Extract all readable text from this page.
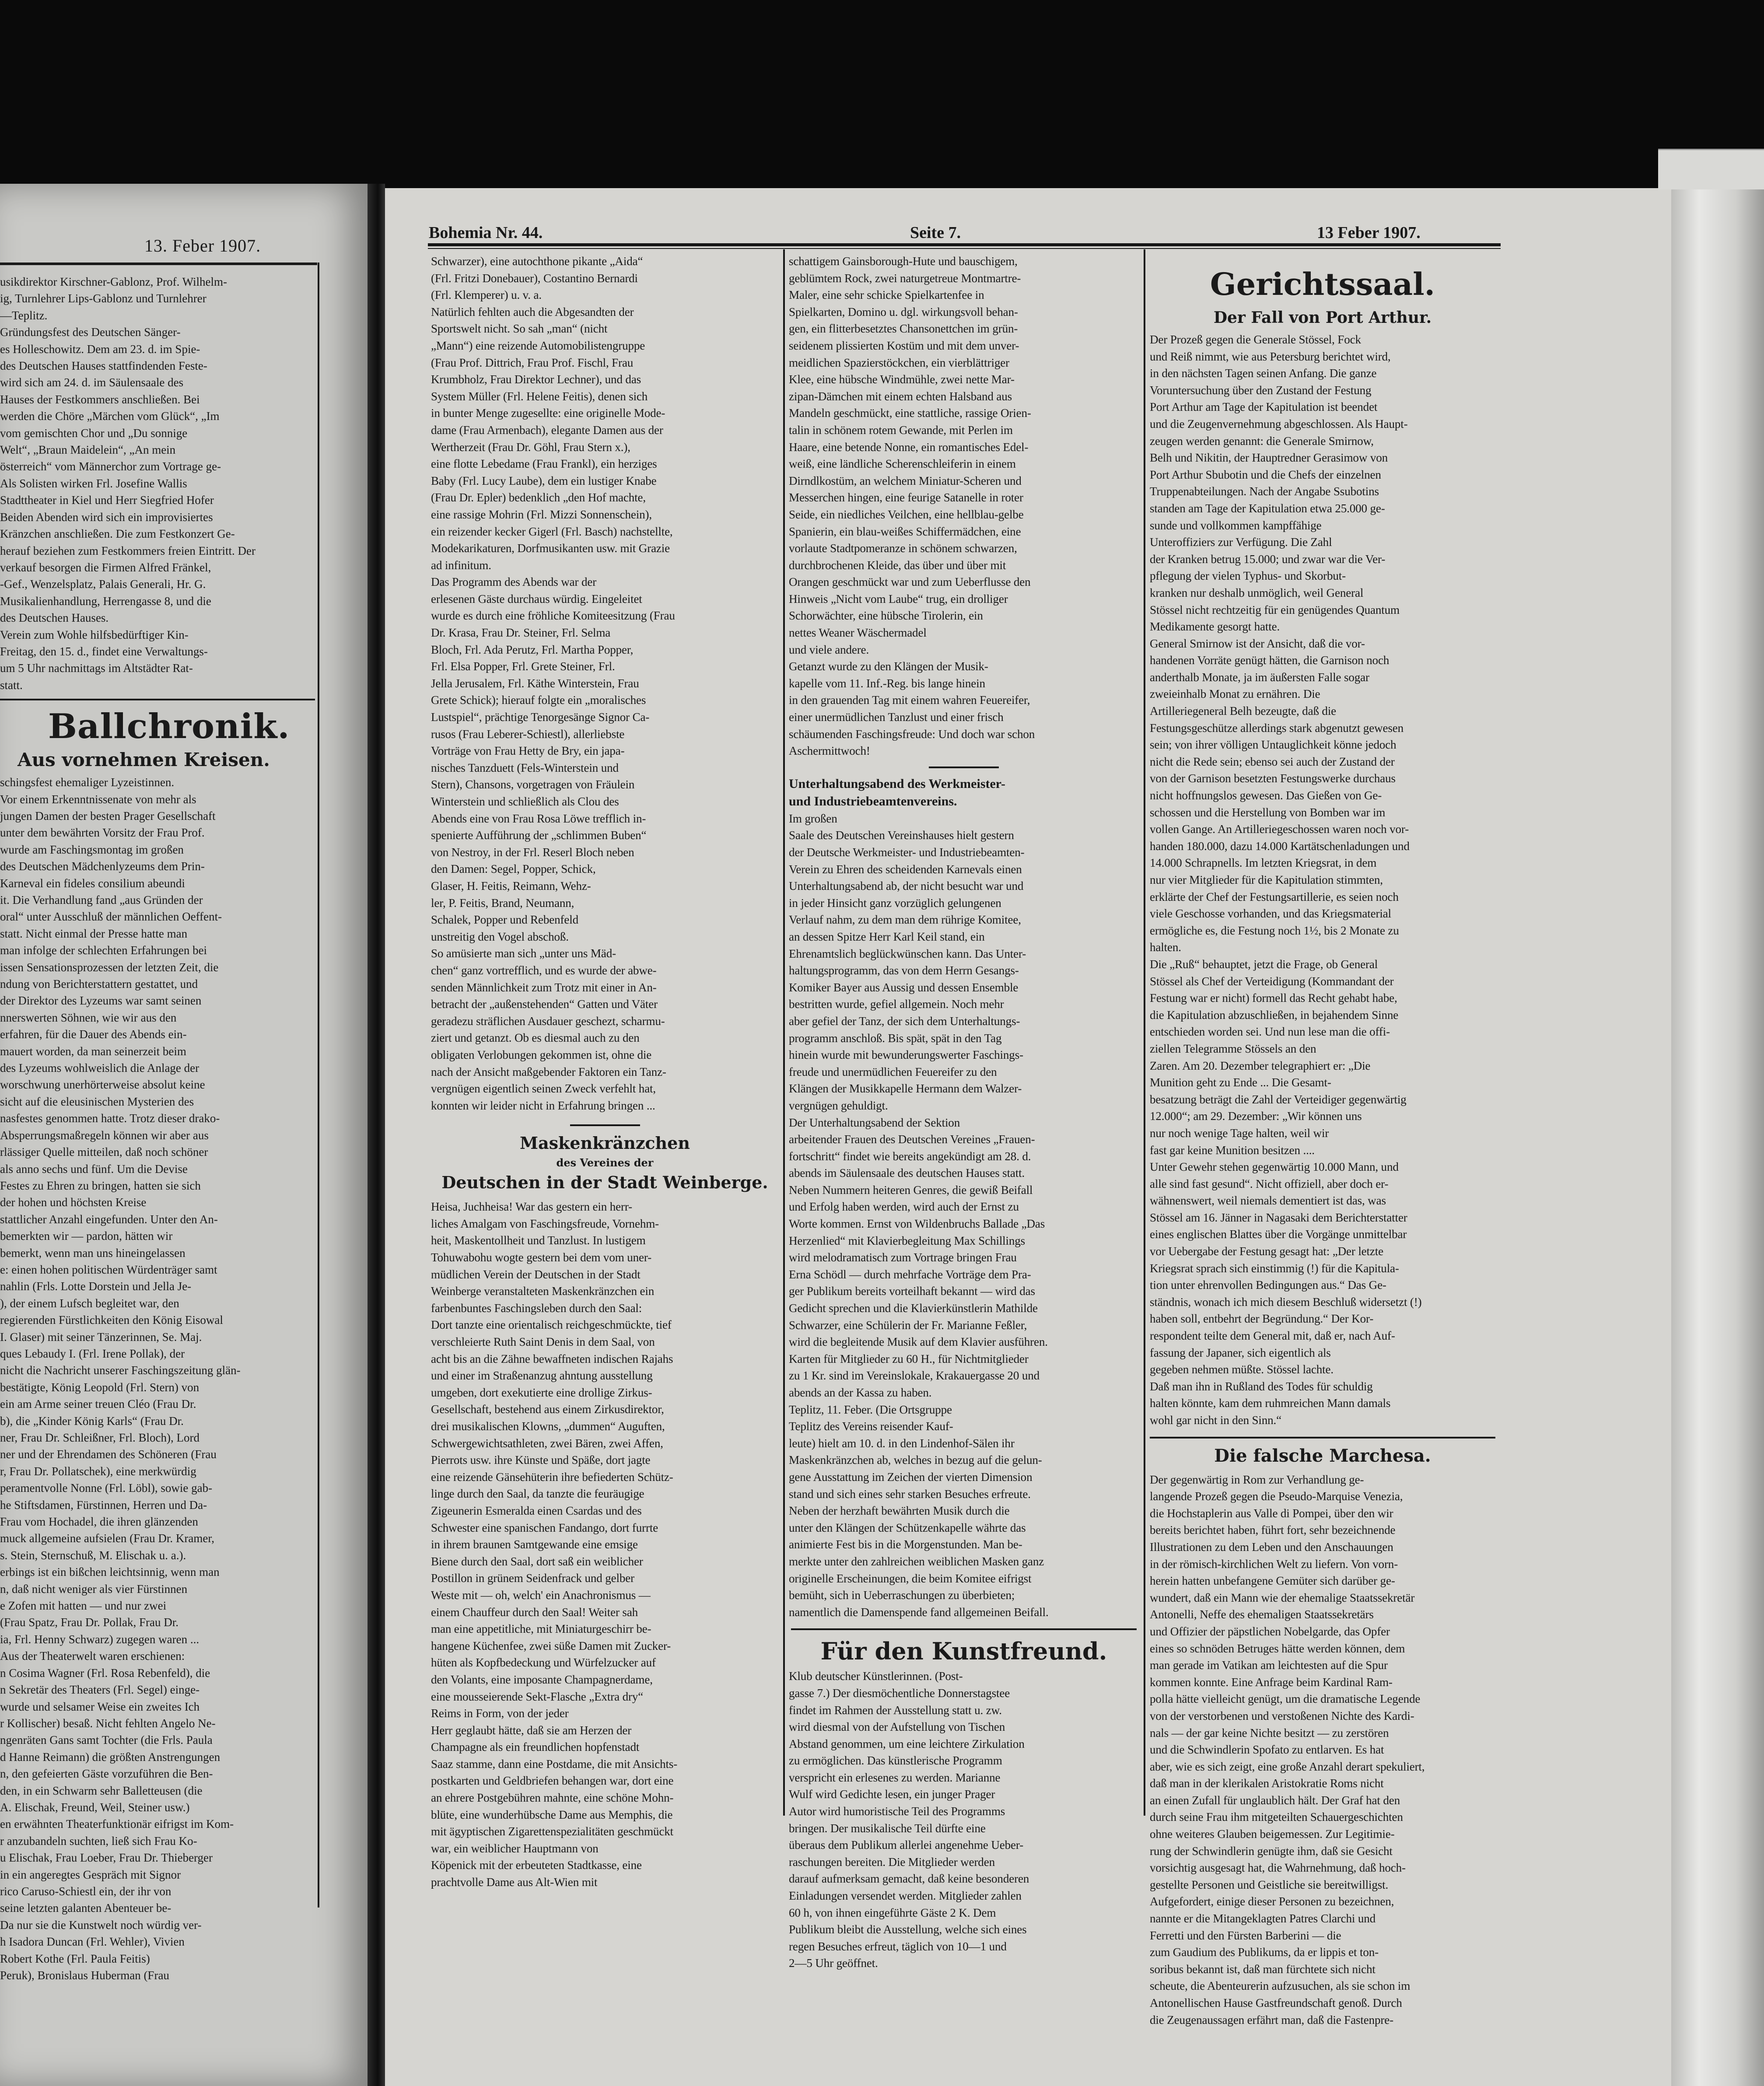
13. Feber 1907.
usikdirektor Kirschner-Gablonz, Prof. Wilhelm-
ig, Turnlehrer Lips-Gablonz und Turnlehrer
—Teplitz.
Gründungsfest des Deutschen Sänger-
es Holleschowitz. Dem am 23. d. im Spie-
des Deutschen Hauses stattfindenden Feste-
wird sich am 24. d. im Säulensaale des
Hauses der Festkommers anschließen. Bei
werden die Chöre „Märchen vom Glück“, „Im
vom gemischten Chor und „Du sonnige
Welt“, „Braun Maidelein“, „An mein
österreich“ vom Männerchor zum Vortrage ge-
Als Solisten wirken Frl. Josefine Wallis
Stadttheater in Kiel und Herr Siegfried Hofer
Beiden Abenden wird sich ein improvisiertes
Kränzchen anschließen. Die zum Festkonzert Ge-
herauf beziehen zum Festkommers freien Eintritt. Der
verkauf besorgen die Firmen Alfred Fränkel,
-Gef., Wenzelsplatz, Palais Generali, Hr. G.
Musikalienhandlung, Herrengasse 8, und die
des Deutschen Hauses.
Verein zum Wohle hilfsbedürftiger Kin-
Freitag, den 15. d., findet eine Verwaltungs-
um 5 Uhr nachmittags im Altstädter Rat-
statt.
Ballchronik.
Aus vornehmen Kreisen.
schingsfest ehemaliger Lyzeistinnen.
Vor einem Erkenntnissenate von mehr als
jungen Damen der besten Prager Gesellschaft
unter dem bewährten Vorsitz der Frau Prof.
wurde am Faschingsmontag im großen
des Deutschen Mädchenlyzeums dem Prin-
Karneval ein fideles consilium abeundi
it. Die Verhandlung fand „aus Gründen der
oral“ unter Ausschluß der männlichen Oeffent-
statt. Nicht einmal der Presse hatte man
man infolge der schlechten Erfahrungen bei
issen Sensationsprozessen der letzten Zeit, die
ndung von Berichterstattern gestattet, und
der Direktor des Lyzeums war samt seinen
nnerswerten Söhnen, wie wir aus den
erfahren, für die Dauer des Abends ein-
mauert worden, da man seinerzeit beim
des Lyzeums wohlweislich die Anlage der
worschwung unerhörterweise absolut keine
sicht auf die eleusinischen Mysterien des
nasfestes genommen hatte. Trotz dieser drako-
Absperrungsmaßregeln können wir aber aus
rlässiger Quelle mitteilen, daß noch schöner
als anno sechs und fünf. Um die Devise
Festes zu Ehren zu bringen, hatten sie sich
der hohen und höchsten Kreise
stattlicher Anzahl eingefunden. Unter den An-
bemerkten wir — pardon, hätten wir
bemerkt, wenn man uns hineingelassen
e: einen hohen politischen Würdenträger samt
nahlin (Frls. Lotte Dorstein und Jella Je-
), der einem Lufsch begleitet war, den
regierenden Fürstlichkeiten den König Eisowal
I. Glaser) mit seiner Tänzerinnen, Se. Maj.
ques Lebaudy I. (Frl. Irene Pollak), der
nicht die Nachricht unserer Faschingszeitung glän-
bestätigte, König Leopold (Frl. Stern) von
ein am Arme seiner treuen Cléo (Frau Dr.
b), die „Kinder König Karls“ (Frau Dr.
ner, Frau Dr. Schleißner, Frl. Bloch), Lord
ner und der Ehrendamen des Schöneren (Frau
r, Frau Dr. Pollatschek), eine merkwürdig
peramentvolle Nonne (Frl. Löbl), sowie gab-
he Stiftsdamen, Fürstinnen, Herren und Da-
Frau vom Hochadel, die ihren glänzenden
muck allgemeine aufsielen (Frau Dr. Kramer,
s. Stein, Sternschuß, M. Elischak u. a.).
erbings ist ein bißchen leichtsinnig, wenn man
n, daß nicht weniger als vier Fürstinnen
e Zofen mit hatten — und nur zwei
(Frau Spatz, Frau Dr. Pollak, Frau Dr.
ia, Frl. Henny Schwarz) zugegen waren ...
Aus der Theaterwelt waren erschienen:
n Cosima Wagner (Frl. Rosa Rebenfeld), die
n Sekretär des Theaters (Frl. Segel) einge-
wurde und selsamer Weise ein zweites Ich
r Kollischer) besaß. Nicht fehlten Angelo Ne-
ngenräten Gans samt Tochter (die Frls. Paula
d Hanne Reimann) die größten Anstrengungen
n, den gefeierten Gäste vorzuführen die Ben-
den, in ein Schwarm sehr Balletteusen (die
A. Elischak, Freund, Weil, Steiner usw.)
en erwähnten Theaterfunktionär eifrigst im Kom-
r anzubandeln suchten, ließ sich Frau Ko-
u Elischak, Frau Loeber, Frau Dr. Thieberger
in ein angeregtes Gespräch mit Signor
rico Caruso-Schiestl ein, der ihr von
seine letzten galanten Abenteuer be-
Da nur sie die Kunstwelt noch würdig ver-
h Isadora Duncan (Frl. Wehler), Vivien
Robert Kothe (Frl. Paula Feitis)
Peruk), Bronislaus Huberman (Frau
Bohemia Nr. 44.	Seite 7.	13 Feber 1907.
Schwarzer), eine autochthone pikante „Aida“
(Frl. Fritzi Donebauer), Costantino Bernardi
(Frl. Klemperer) u. v. a.
Natürlich fehlten auch die Abgesandten der
Sportswelt nicht. So sah „man“ (nicht
„Mann“) eine reizende Automobilistengruppe
(Frau Prof. Dittrich, Frau Prof. Fischl, Frau
Krumbholz, Frau Direktor Lechner), und das
System Müller (Frl. Helene Feitis), denen sich
in bunter Menge zugesellte: eine originelle Mode-
dame (Frau Armenbach), elegante Damen aus der
Wertherzeit (Frau Dr. Göhl, Frau Stern x.),
eine flotte Lebedame (Frau Frankl), ein herziges
Baby (Frl. Lucy Laube), dem ein lustiger Knabe
(Frau Dr. Epler) bedenklich „den Hof machte,
eine rassige Mohrin (Frl. Mizzi Sonnenschein),
ein reizender kecker Gigerl (Frl. Basch) nachstellte,
Modekarikaturen, Dorfmusikanten usw. mit Grazie
ad infinitum.
Das Programm des Abends war der
erlesenen Gäste durchaus würdig. Eingeleitet
wurde es durch eine fröhliche Komiteesitzung (Frau
Dr. Krasa, Frau Dr. Steiner, Frl. Selma
Bloch, Frl. Ada Perutz, Frl. Martha Popper,
Frl. Elsa Popper, Frl. Grete Steiner, Frl.
Jella Jerusalem, Frl. Käthe Winterstein, Frau
Grete Schick); hierauf folgte ein „moralisches
Lustspiel“, prächtige Tenorgesänge Signor Ca-
rusos (Frau Leberer-Schiestl), allerliebste
Vorträge von Frau Hetty de Bry, ein japa-
nisches Tanzduett (Fels-Winterstein und
Stern), Chansons, vorgetragen von Fräulein
Winterstein und schließlich als Clou des
Abends eine von Frau Rosa Löwe trefflich in-
spenierte Aufführung der „schlimmen Buben“
von Nestroy, in der Frl. Reserl Bloch neben
den Damen: Segel, Popper, Schick,
Glaser, H. Feitis, Reimann, Wehz-
ler, P. Feitis, Brand, Neumann,
Schalek, Popper und Rebenfeld
unstreitig den Vogel abschoß.
So amüsierte man sich „unter uns Mäd-
chen“ ganz vortrefflich, und es wurde der abwe-
senden Männlichkeit zum Trotz mit einer in An-
betracht der „außenstehenden“ Gatten und Väter
geradezu sträflichen Ausdauer geschezt, scharmu-
ziert und getanzt. Ob es diesmal auch zu den
obligaten Verlobungen gekommen ist, ohne die
nach der Ansicht maßgebender Faktoren ein Tanz-
vergnügen eigentlich seinen Zweck verfehlt hat,
konnten wir leider nicht in Erfahrung bringen ...
Maskenkränzchen
des Vereines der
Deutschen in der Stadt Weinberge.
Heisa, Juchheisa! War das gestern ein herr-
liches Amalgam von Faschingsfreude, Vornehm-
heit, Maskentollheit und Tanzlust. In lustigem
Tohuwabohu wogte gestern bei dem vom uner-
müdlichen Verein der Deutschen in der Stadt
Weinberge veranstalteten Maskenkränzchen ein
farbenbuntes Faschingsleben durch den Saal:
Dort tanzte eine orientalisch reichgeschmückte, tief
verschleierte Ruth Saint Denis in dem Saal, von
acht bis an die Zähne bewaffneten indischen Rajahs
und einer im Straßenanzug ahntung ausstellung
umgeben, dort exekutierte eine drollige Zirkus-
Gesellschaft, bestehend aus einem Zirkusdirektor,
drei musikalischen Klowns, „dummen“ Auguften,
Schwergewichtsathleten, zwei Bären, zwei Affen,
Pierrots usw. ihre Künste und Späße, dort jagte
eine reizende Gänsehüterin ihre befiederten Schütz-
linge durch den Saal, da tanzte die feuräugige
Zigeunerin Esmeralda einen Csardas und des
Schwester eine spanischen Fandango, dort furrte
in ihrem braunen Samtgewande eine emsige
Biene durch den Saal, dort saß ein weiblicher
Postillon in grünem Seidenfrack und gelber
Weste mit — oh, welch' ein Anachronismus —
einem Chauffeur durch den Saal! Weiter sah
man eine appetitliche, mit Miniaturgeschirr be-
hangene Küchenfee, zwei süße Damen mit Zucker-
hüten als Kopfbedeckung und Würfelzucker auf
den Volants, eine imposante Champagnerdame,
eine mousseierende Sekt-Flasche „Extra dry“
Reims in Form, von der jeder
Herr geglaubt hätte, daß sie am Herzen der
Champagne als ein freundlichen hopfenstadt
Saaz stamme, dann eine Postdame, die mit Ansichts-
postkarten und Geldbriefen behangen war, dort eine
an ehrere Postgebühren mahnte, eine schöne Mohn-
blüte, eine wunderhübsche Dame aus Memphis, die
mit ägyptischen Zigarettenspezialitäten geschmückt
war, ein weiblicher Hauptmann von
Köpenick mit der erbeuteten Stadtkasse, eine
prachtvolle Dame aus Alt-Wien mit
schattigem Gainsborough-Hute und bauschigem,
geblümtem Rock, zwei naturgetreue Montmartre-
Maler, eine sehr schicke Spielkartenfee in
Spielkarten, Domino u. dgl. wirkungsvoll behan-
gen, ein flitterbesetztes Chansonettchen im grün-
seidenem plissierten Kostüm und mit dem unver-
meidlichen Spazierstöckchen, ein vierblättriger
Klee, eine hübsche Windmühle, zwei nette Mar-
zipan-Dämchen mit einem echten Halsband aus
Mandeln geschmückt, eine stattliche, rassige Orien-
talin in schönem rotem Gewande, mit Perlen im
Haare, eine betende Nonne, ein romantisches Edel-
weiß, eine ländliche Scherenschleiferin in einem
Dirndlkostüm, an welchem Miniatur-Scheren und
Messerchen hingen, eine feurige Satanelle in roter
Seide, ein niedliches Veilchen, eine hellblau-gelbe
Spanierin, ein blau-weißes Schiffermädchen, eine
vorlaute Stadtpomeranze in schönem schwarzen,
durchbrochenen Kleide, das über und über mit
Orangen geschmückt war und zum Ueberflusse den
Hinweis „Nicht vom Laube“ trug, ein drolliger
Schorwächter, eine hübsche Tirolerin, ein
nettes Weaner Wäschermadel
und viele andere.
Getanzt wurde zu den Klängen der Musik-
kapelle vom 11. Inf.-Reg. bis lange hinein
in den grauenden Tag mit einem wahren Feuereifer,
einer unermüdlichen Tanzlust und einer frisch
schäumenden Faschingsfreude: Und doch war schon
Aschermittwoch!
Unterhaltungsabend des Werkmeister-
und Industriebeamtenvereins.
Im großen
Saale des Deutschen Vereinshauses hielt gestern
der Deutsche Werkmeister- und Industriebeamten-
Verein zu Ehren des scheidenden Karnevals einen
Unterhaltungsabend ab, der nicht besucht war und
in jeder Hinsicht ganz vorzüglich gelungenen
Verlauf nahm, zu dem man dem rührige Komitee,
an dessen Spitze Herr Karl Keil stand, ein
Ehrenamtslich beglückwünschen kann. Das Unter-
haltungsprogramm, das von dem Herrn Gesangs-
Komiker Bayer aus Aussig und dessen Ensemble
bestritten wurde, gefiel allgemein. Noch mehr
aber gefiel der Tanz, der sich dem Unterhaltungs-
programm anschloß. Bis spät, spät in den Tag
hinein wurde mit bewunderungswerter Faschings-
freude und unermüdlichen Feuereifer zu den
Klängen der Musikkapelle Hermann dem Walzer-
vergnügen gehuldigt.
Der Unterhaltungsabend der Sektion
arbeitender Frauen des Deutschen Vereines „Frauen-
fortschritt“ findet wie bereits angekündigt am 28. d.
abends im Säulensaale des deutschen Hauses statt.
Neben Nummern heiteren Genres, die gewiß Beifall
und Erfolg haben werden, wird auch der Ernst zu
Worte kommen. Ernst von Wildenbruchs Ballade „Das
Herzenlied“ mit Klavierbegleitung Max Schillings
wird melodramatisch zum Vortrage bringen Frau
Erna Schödl — durch mehrfache Vorträge dem Pra-
ger Publikum bereits vorteilhaft bekannt — wird das
Gedicht sprechen und die Klavierkünstlerin Mathilde
Schwarzer, eine Schülerin der Fr. Marianne Feßler,
wird die begleitende Musik auf dem Klavier ausführen.
Karten für Mitglieder zu 60 H., für Nichtmitglieder
zu 1 Kr. sind im Vereinslokale, Krakauergasse 20 und
abends an der Kassa zu haben.
Teplitz, 11. Feber. (Die Ortsgruppe
Teplitz des Vereins reisender Kauf-
leute) hielt am 10. d. in den Lindenhof-Sälen ihr
Maskenkränzchen ab, welches in bezug auf die gelun-
gene Ausstattung im Zeichen der vierten Dimension
stand und sich eines sehr starken Besuches erfreute.
Neben der herzhaft bewährten Musik durch die
unter den Klängen der Schützenkapelle währte das
animierte Fest bis in die Morgenstunden. Man be-
merkte unter den zahlreichen weiblichen Masken ganz
originelle Erscheinungen, die beim Komitee eifrigst
bemüht, sich in Ueberraschungen zu überbieten;
namentlich die Damenspende fand allgemeinen Beifall.
Für den Kunstfreund.
Klub deutscher Künstlerinnen. (Post-
gasse 7.) Der diesmöchentliche Donnerstagstee
findet im Rahmen der Ausstellung statt u. zw.
wird diesmal von der Aufstellung von Tischen
Abstand genommen, um eine leichtere Zirkulation
zu ermöglichen. Das künstlerische Programm
verspricht ein erlesenes zu werden. Marianne
Wulf wird Gedichte lesen, ein junger Prager
Autor wird humoristische Teil des Programms
bringen. Der musikalische Teil dürfte eine
überaus dem Publikum allerlei angenehme Ueber-
raschungen bereiten. Die Mitglieder werden
darauf aufmerksam gemacht, daß keine besonderen
Einladungen versendet werden. Mitglieder zahlen
60 h, von ihnen eingeführte Gäste 2 K. Dem
Publikum bleibt die Ausstellung, welche sich eines
regen Besuches erfreut, täglich von 10—1 und
2—5 Uhr geöffnet.
Gerichtssaal.
Der Fall von Port Arthur.
Der Prozeß gegen die Generale Stössel, Fock
und Reiß nimmt, wie aus Petersburg berichtet wird,
in den nächsten Tagen seinen Anfang. Die ganze
Voruntersuchung über den Zustand der Festung
Port Arthur am Tage der Kapitulation ist beendet
und die Zeugenvernehmung abgeschlossen. Als Haupt-
zeugen werden genannt: die Generale Smirnow,
Belh und Nikitin, der Hauptredner Gerasimow von
Port Arthur Sbubotin und die Chefs der einzelnen
Truppenabteilungen. Nach der Angabe Ssubotins
standen am Tage der Kapitulation etwa 25.000 ge-
sunde und vollkommen kampffähige
Unteroffiziers zur Verfügung. Die Zahl
der Kranken betrug 15.000; und zwar war die Ver-
pflegung der vielen Typhus- und Skorbut-
kranken nur deshalb unmöglich, weil General
Stössel nicht rechtzeitig für ein genügendes Quantum
Medikamente gesorgt hatte.
General Smirnow ist der Ansicht, daß die vor-
handenen Vorräte genügt hätten, die Garnison noch
anderthalb Monate, ja im äußersten Falle sogar
zweieinhalb Monat zu ernähren. Die
Artilleriegeneral Belh bezeugte, daß die
Festungsgeschütze allerdings stark abgenutzt gewesen
sein; von ihrer völligen Untauglichkeit könne jedoch
nicht die Rede sein; ebenso sei auch der Zustand der
von der Garnison besetzten Festungswerke durchaus
nicht hoffnungslos gewesen. Das Gießen von Ge-
schossen und die Herstellung von Bomben war im
vollen Gange. An Artilleriegeschossen waren noch vor-
handen 180.000, dazu 14.000 Kartätschenladungen und
14.000 Schrapnells. Im letzten Kriegsrat, in dem
nur vier Mitglieder für die Kapitulation stimmten,
erklärte der Chef der Festungsartillerie, es seien noch
viele Geschosse vorhanden, und das Kriegsmaterial
ermögliche es, die Festung noch 1½, bis 2 Monate zu
halten.
Die „Ruß“ behauptet, jetzt die Frage, ob General
Stössel als Chef der Verteidigung (Kommandant der
Festung war er nicht) formell das Recht gehabt habe,
die Kapitulation abzuschließen, in bejahendem Sinne
entschieden worden sei. Und nun lese man die offi-
ziellen Telegramme Stössels an den
Zaren. Am 20. Dezember telegraphiert er: „Die
Munition geht zu Ende ... Die Gesamt-
besatzung beträgt die Zahl der Verteidiger gegenwärtig
12.000“; am 29. Dezember: „Wir können uns
nur noch wenige Tage halten, weil wir
fast gar keine Munition besitzen ....
Unter Gewehr stehen gegenwärtig 10.000 Mann, und
alle sind fast gesund“. Nicht offiziell, aber doch er-
wähnenswert, weil niemals dementiert ist das, was
Stössel am 16. Jänner in Nagasaki dem Berichterstatter
eines englischen Blattes über die Vorgänge unmittelbar
vor Uebergabe der Festung gesagt hat: „Der letzte
Kriegsrat sprach sich einstimmig (!) für die Kapitula-
tion unter ehrenvollen Bedingungen aus.“ Das Ge-
ständnis, wonach ich mich diesem Beschluß widersetzt (!)
haben soll, entbehrt der Begründung.“ Der Kor-
respondent teilte dem General mit, daß er, nach Auf-
fassung der Japaner, sich eigentlich als
gegeben nehmen müßte. Stössel lachte.
Daß man ihn in Rußland des Todes für schuldig
halten könnte, kam dem ruhmreichen Mann damals
wohl gar nicht in den Sinn.“
Die falsche Marchesa.
Der gegenwärtig in Rom zur Verhandlung ge-
langende Prozeß gegen die Pseudo-Marquise Venezia,
die Hochstaplerin aus Valle di Pompei, über den wir
bereits berichtet haben, führt fort, sehr bezeichnende
Illustrationen zu dem Leben und den Anschauungen
in der römisch-kirchlichen Welt zu liefern. Von vorn-
herein hatten unbefangene Gemüter sich darüber ge-
wundert, daß ein Mann wie der ehemalige Staatssekretär
Antonelli, Neffe des ehemaligen Staatssekretärs
und Offizier der päpstlichen Nobelgarde, das Opfer
eines so schnöden Betruges hätte werden können, dem
man gerade im Vatikan am leichtesten auf die Spur
kommen konnte. Eine Anfrage beim Kardinal Ram-
polla hätte vielleicht genügt, um die dramatische Legende
von der verstorbenen und verstoßenen Nichte des Kardi-
nals — der gar keine Nichte besitzt — zu zerstören
und die Schwindlerin Spofato zu entlarven. Es hat
aber, wie es sich zeigt, eine große Anzahl derart spekuliert,
daß man in der klerikalen Aristokratie Roms nicht
an einen Zufall für unglaublich hält. Der Graf hat den
durch seine Frau ihm mitgeteilten Schauergeschichten
ohne weiteres Glauben beigemessen. Zur Legitimie-
rung der Schwindlerin genügte ihm, daß sie Gesicht
vorsichtig ausgesagt hat, die Wahrnehmung, daß hoch-
gestellte Personen und Geistliche sie bereitwilligst.
Aufgefordert, einige dieser Personen zu bezeichnen,
nannte er die Mitangeklagten Patres Clarchi und
Ferretti und den Fürsten Barberini — die
zum Gaudium des Publikums, da er lippis et ton-
soribus bekannt ist, daß man fürchtete sich nicht
scheute, die Abenteurerin aufzusuchen, als sie schon im
Antonellischen Hause Gastfreundschaft genoß. Durch
die Zeugenaussagen erfährt man, daß die Fastenpre-
